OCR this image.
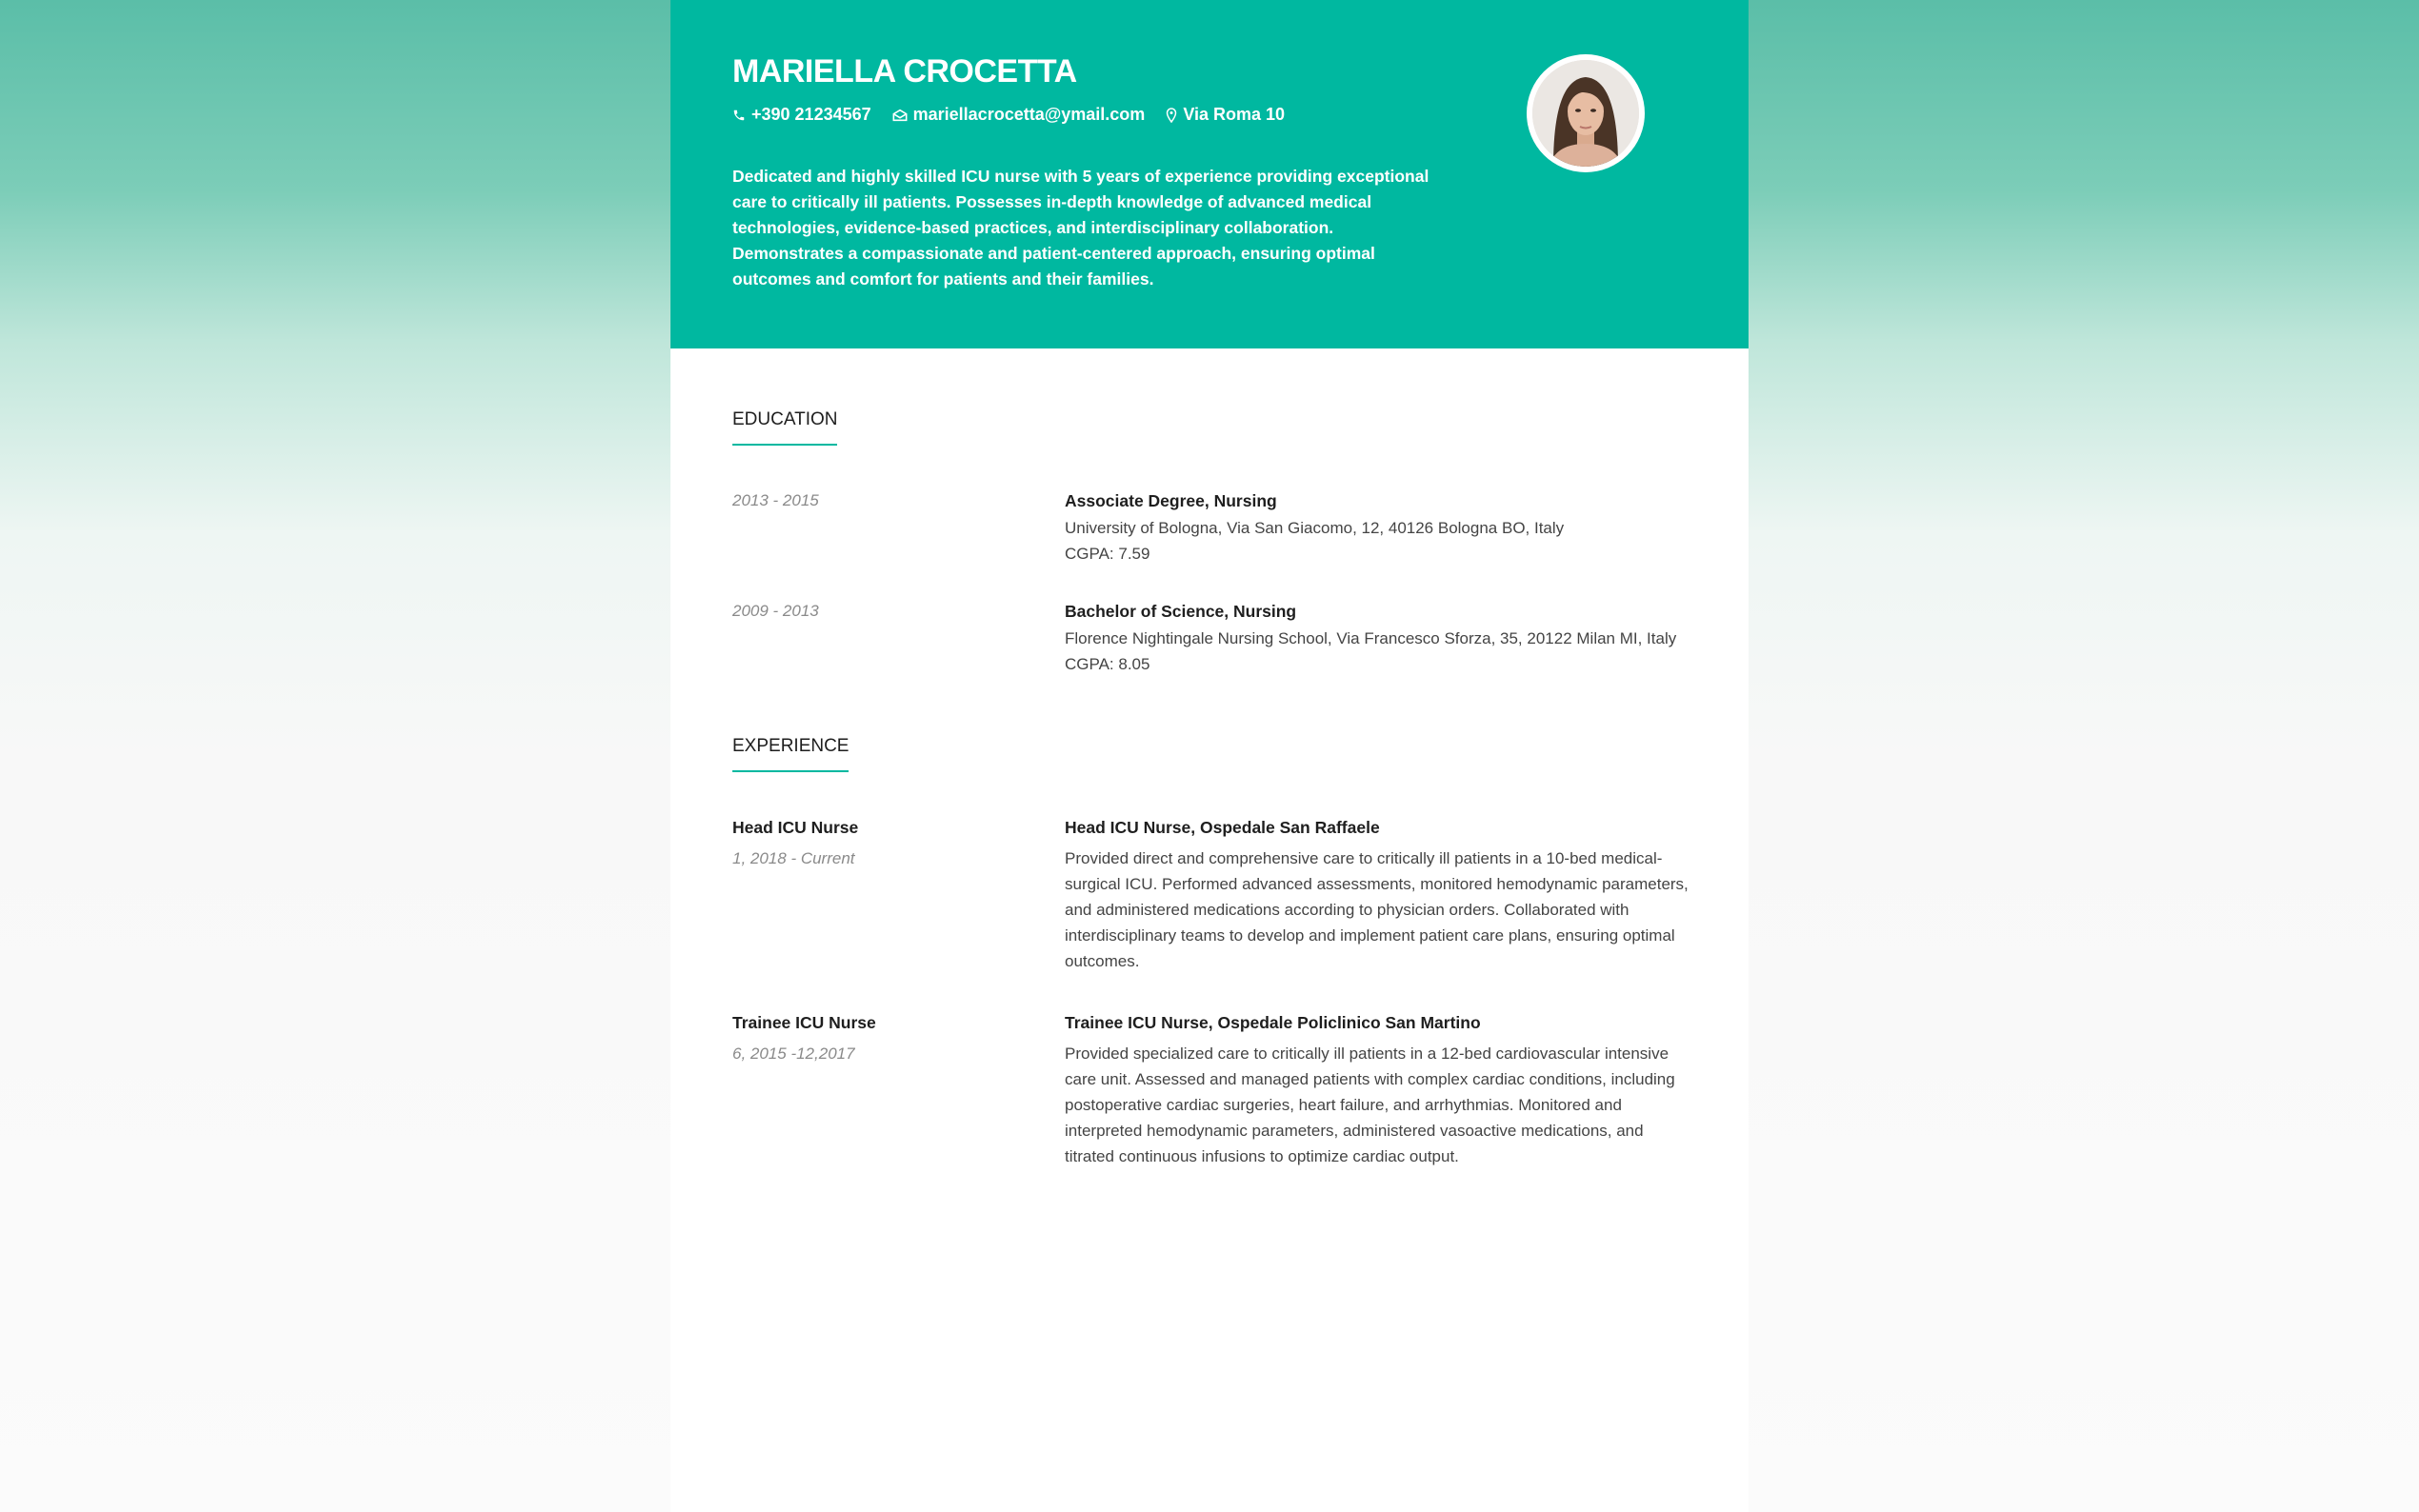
MARIELLA CROCETTA
+390 21234567 mariellacrocetta@ymail.com Via Roma 10

Dedicated and highly skilled ICU nurse with 5 years of experience providing exceptional care to critically ill patients. Possesses in-depth knowledge of advanced medical technologies, evidence-based practices, and interdisciplinary collaboration. Demonstrates a compassionate and patient-centered approach, ensuring optimal outcomes and comfort for patients and their families.

EDUCATION
2013 - 2015	Associate Degree, Nursing
University of Bologna, Via San Giacomo, 12, 40126 Bologna BO, Italy
CGPA: 7.59
2009 - 2013	Bachelor of Science, Nursing
Florence Nightingale Nursing School, Via Francesco Sforza, 35, 20122 Milan MI, Italy
CGPA: 8.05
EXPERIENCE
Head ICU Nurse
1, 2018 - Current
Head ICU Nurse, Ospedale San Raffaele

Provided direct and comprehensive care to critically ill patients in a 10-bed medical-surgical ICU. Performed advanced assessments, monitored hemodynamic parameters, and administered medications according to physician orders. Collaborated with interdisciplinary teams to develop and implement patient care plans, ensuring optimal outcomes.

Trainee ICU Nurse
6, 2015 -12,2017
Trainee ICU Nurse, Ospedale Policlinico San Martino

Provided specialized care to critically ill patients in a 12-bed cardiovascular intensive care unit. Assessed and managed patients with complex cardiac conditions, including postoperative cardiac surgeries, heart failure, and arrhythmias. Monitored and interpreted hemodynamic parameters, administered vasoactive medications, and titrated continuous infusions to optimize cardiac output.
